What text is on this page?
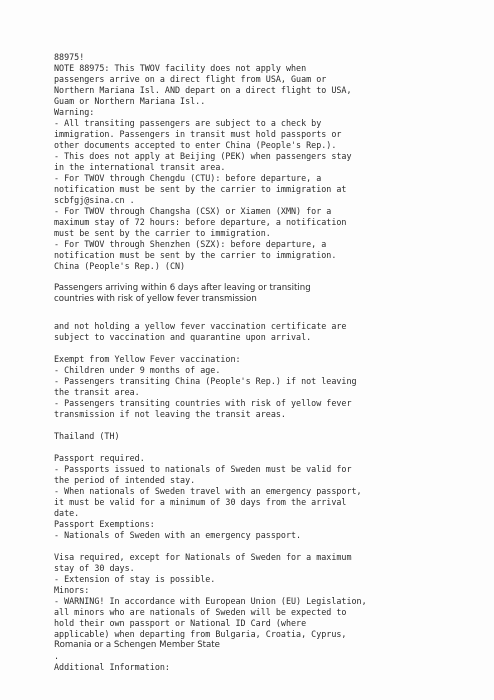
88975!
NOTE 88975: This TWOV facility does not apply when
passengers arrive on a direct flight from USA, Guam or
Northern Mariana Isl. AND depart on a direct flight to USA,
Guam or Northern Mariana Isl..
Warning:
- All transiting passengers are subject to a check by
immigration. Passengers in transit must hold passports or
other documents accepted to enter China (People's Rep.).
- This does not apply at Beijing (PEK) when passengers stay
in the international transit area.
- For TWOV through Chengdu (CTU): before departure, a
notification must be sent by the carrier to immigration at
scbfgj@sina.cn .
- For TWOV through Changsha (CSX) or Xiamen (XMN) for a
maximum stay of 72 hours: before departure, a notification
must be sent by the carrier to immigration.
- For TWOV through Shenzhen (SZX): before departure, a
notification must be sent by the carrier to immigration.
China (People's Rep.) (CN)
Passengers arriving within 6 days after leaving or transiting
countries with risk of yellow fever transmission
and not holding a yellow fever vaccination certificate are
subject to vaccination and quarantine upon arrival.
Exempt from Yellow Fever vaccination:
- Children under 9 months of age.
- Passengers transiting China (People's Rep.) if not leaving
the transit area.
- Passengers transiting countries with risk of yellow fever
transmission if not leaving the transit areas.
Thailand (TH)
Passport required.
- Passports issued to nationals of Sweden must be valid for
the period of intended stay.
- When nationals of Sweden travel with an emergency passport,
it must be valid for a minimum of 30 days from the arrival
date.
Passport Exemptions:
- Nationals of Sweden with an emergency passport.
Visa required, except for Nationals of Sweden for a maximum
stay of 30 days.
- Extension of stay is possible.
Minors:
- WARNING! In accordance with European Union (EU) Legislation,
all minors who are nationals of Sweden will be expected to
hold their own passport or National ID Card (where
applicable) when departing from Bulgaria, Croatia, Cyprus,
Romania or a Schengen Member State
.
Additional Information:
